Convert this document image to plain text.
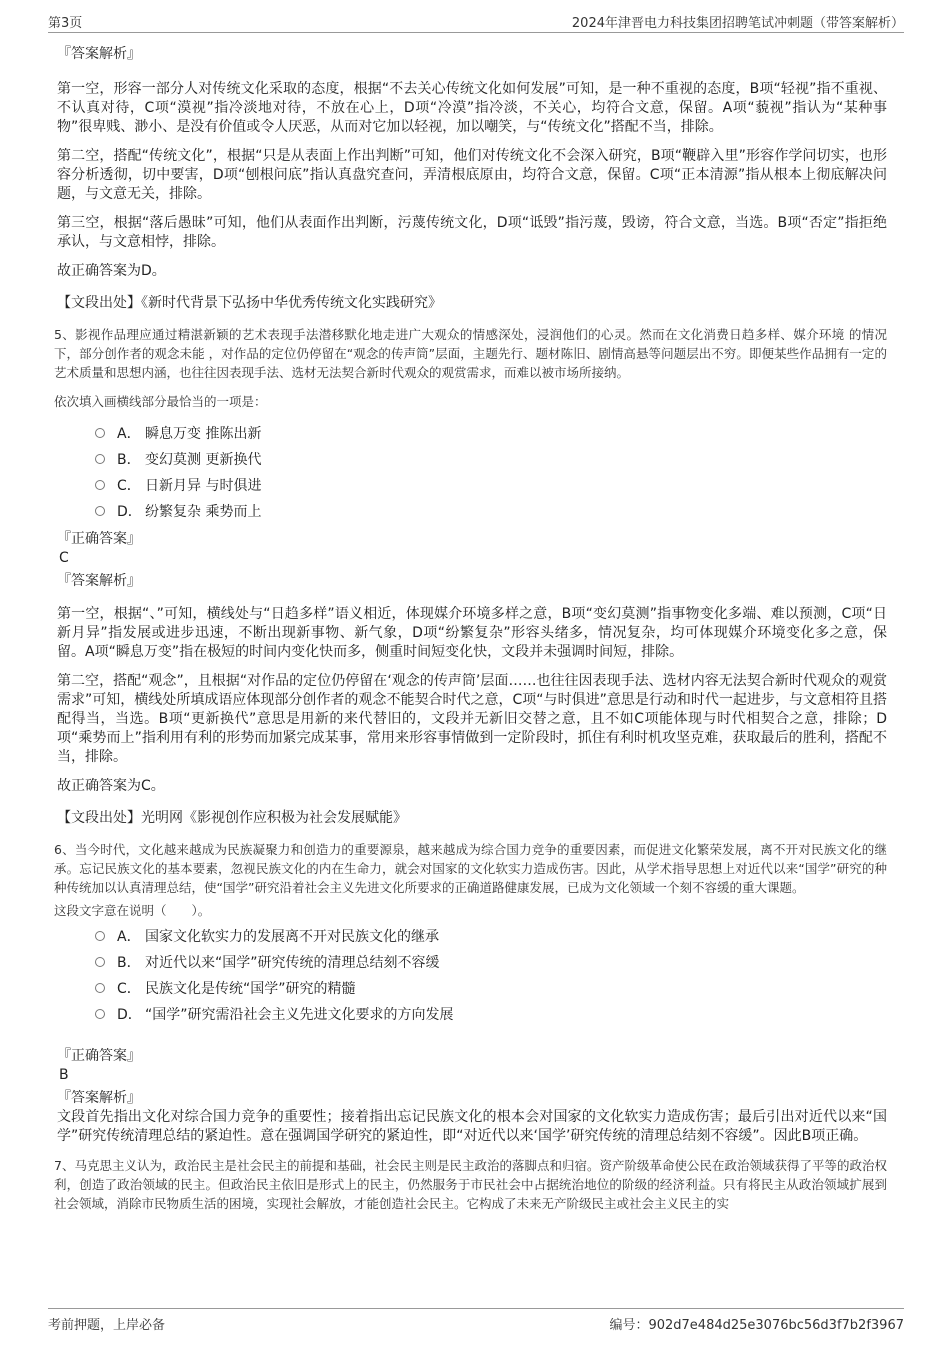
第3页	2024年津晋电力科技集团招聘笔试冲刺题（带答案解析）
『答案解析』

第一空，形容一部分人对传统文化采取的态度，根据“不去关心传统文化如何发展”可知，是一种不重视的态度，B项“轻视”指不重视、不认真对待，C项“漠视”指冷淡地对待，不放在心上，D项“冷漠”指冷淡，不关心，均符合文意，保留。A项“藐视”指认为“某种事物”很卑贱、渺小、是没有价值或令人厌恶，从而对它加以轻视，加以嘲笑，与“传统文化”搭配不当，排除。

第二空，搭配“传统文化”，根据“只是从表面上作出判断”可知，他们对传统文化不会深入研究，B项“鞭辟入里”形容作学问切实，也形容分析透彻，切中要害，D项“刨根问底”指认真盘究查问，弄清根底原由，均符合文意，保留。C项“正本清源”指从根本上彻底解决问题，与文意无关，排除。

第三空，根据“落后愚昧”可知，他们从表面作出判断，污蔑传统文化，D项“诋毁”指污蔑，毁谤，符合文意，当选。B项“否定”指拒绝承认，与文意相悖，排除。

故正确答案为D。

【文段出处】《新时代背景下弘扬中华优秀传统文化实践研究》

5、影视作品理应通过精湛新颖的艺术表现手法潜移默化地走进广大观众的情感深处，浸润他们的心灵。然而在文化消费日趋多样、媒介环境 的情况下，部分创作者的观念未能 ，对作品的定位仍停留在“观念的传声筒”层面，主题先行、题材陈旧、剧情高悬等问题层出不穷。即便某些作品拥有一定的艺术质量和思想内涵，也往往因表现手法、选材无法契合新时代观众的观赏需求，而难以被市场所接纳。

依次填入画横线部分最恰当的一项是：

A． 瞬息万变 推陈出新
B． 变幻莫测 更新换代
C． 日新月异 与时俱进
D． 纷繁复杂 乘势而上
『正确答案』
C
『答案解析』

第一空，根据“、”可知，横线处与“日趋多样”语义相近，体现媒介环境多样之意，B项“变幻莫测”指事物变化多端、难以预测，C项“日新月异”指发展或进步迅速，不断出现新事物、新气象，D项“纷繁复杂”形容头绪多，情况复杂，均可体现媒介环境变化多之意，保留。A项“瞬息万变”指在极短的时间内变化快而多，侧重时间短变化快，文段并未强调时间短，排除。

第二空，搭配“观念”，且根据“对作品的定位仍停留在‘观念的传声筒’层面……也往往因表现手法、选材内容无法契合新时代观众的观赏需求”可知，横线处所填成语应体现部分创作者的观念不能契合时代之意，C项“与时俱进”意思是行动和时代一起进步，与文意相符且搭配得当，当选。B项“更新换代”意思是用新的来代替旧的，文段并无新旧交替之意，且不如C项能体现与时代相契合之意，排除；D项“乘势而上”指利用有利的形势而加紧完成某事，常用来形容事情做到一定阶段时，抓住有利时机攻坚克难，获取最后的胜利，搭配不当，排除。

故正确答案为C。

【文段出处】光明网《影视创作应积极为社会发展赋能》

6、当今时代，文化越来越成为民族凝聚力和创造力的重要源泉，越来越成为综合国力竞争的重要因素，而促进文化繁荣发展，离不开对民族文化的继承。忘记民族文化的基本要素，忽视民族文化的内在生命力，就会对国家的文化软实力造成伤害。因此，从学术指导思想上对近代以来“国学”研究的种种传统加以认真清理总结，使“国学”研究沿着社会主义先进文化所要求的正确道路健康发展，已成为文化领域一个刻不容缓的重大课题。

这段文字意在说明（　　）。

A． 国家文化软实力的发展离不开对民族文化的继承
B． 对近代以来“国学”研究传统的清理总结刻不容缓
C． 民族文化是传统“国学”研究的精髓
D． “国学”研究需沿社会主义先进文化要求的方向发展
『正确答案』
B
『答案解析』

文段首先指出文化对综合国力竞争的重要性；接着指出忘记民族文化的根本会对国家的文化软实力造成伤害；最后引出对近代以来“国学”研究传统清理总结的紧迫性。意在强调国学研究的紧迫性，即“对近代以来‘国学’研究传统的清理总结刻不容缓”。因此B项正确。

7、马克思主义认为，政治民主是社会民主的前提和基础，社会民主则是民主政治的落脚点和归宿。资产阶级革命使公民在政治领域获得了平等的政治权利，创造了政治领域的民主。但政治民主依旧是形式上的民主，仍然服务于市民社会中占据统治地位的阶级的经济利益。只有将民主从政治领域扩展到社会领域，消除市民物质生活的困境，实现社会解放，才能创造社会民主。它构成了未来无产阶级民主或社会主义民主的实

考前押题，上岸必备	编号：902d7e484d25e3076bc56d3f7b2f3967
